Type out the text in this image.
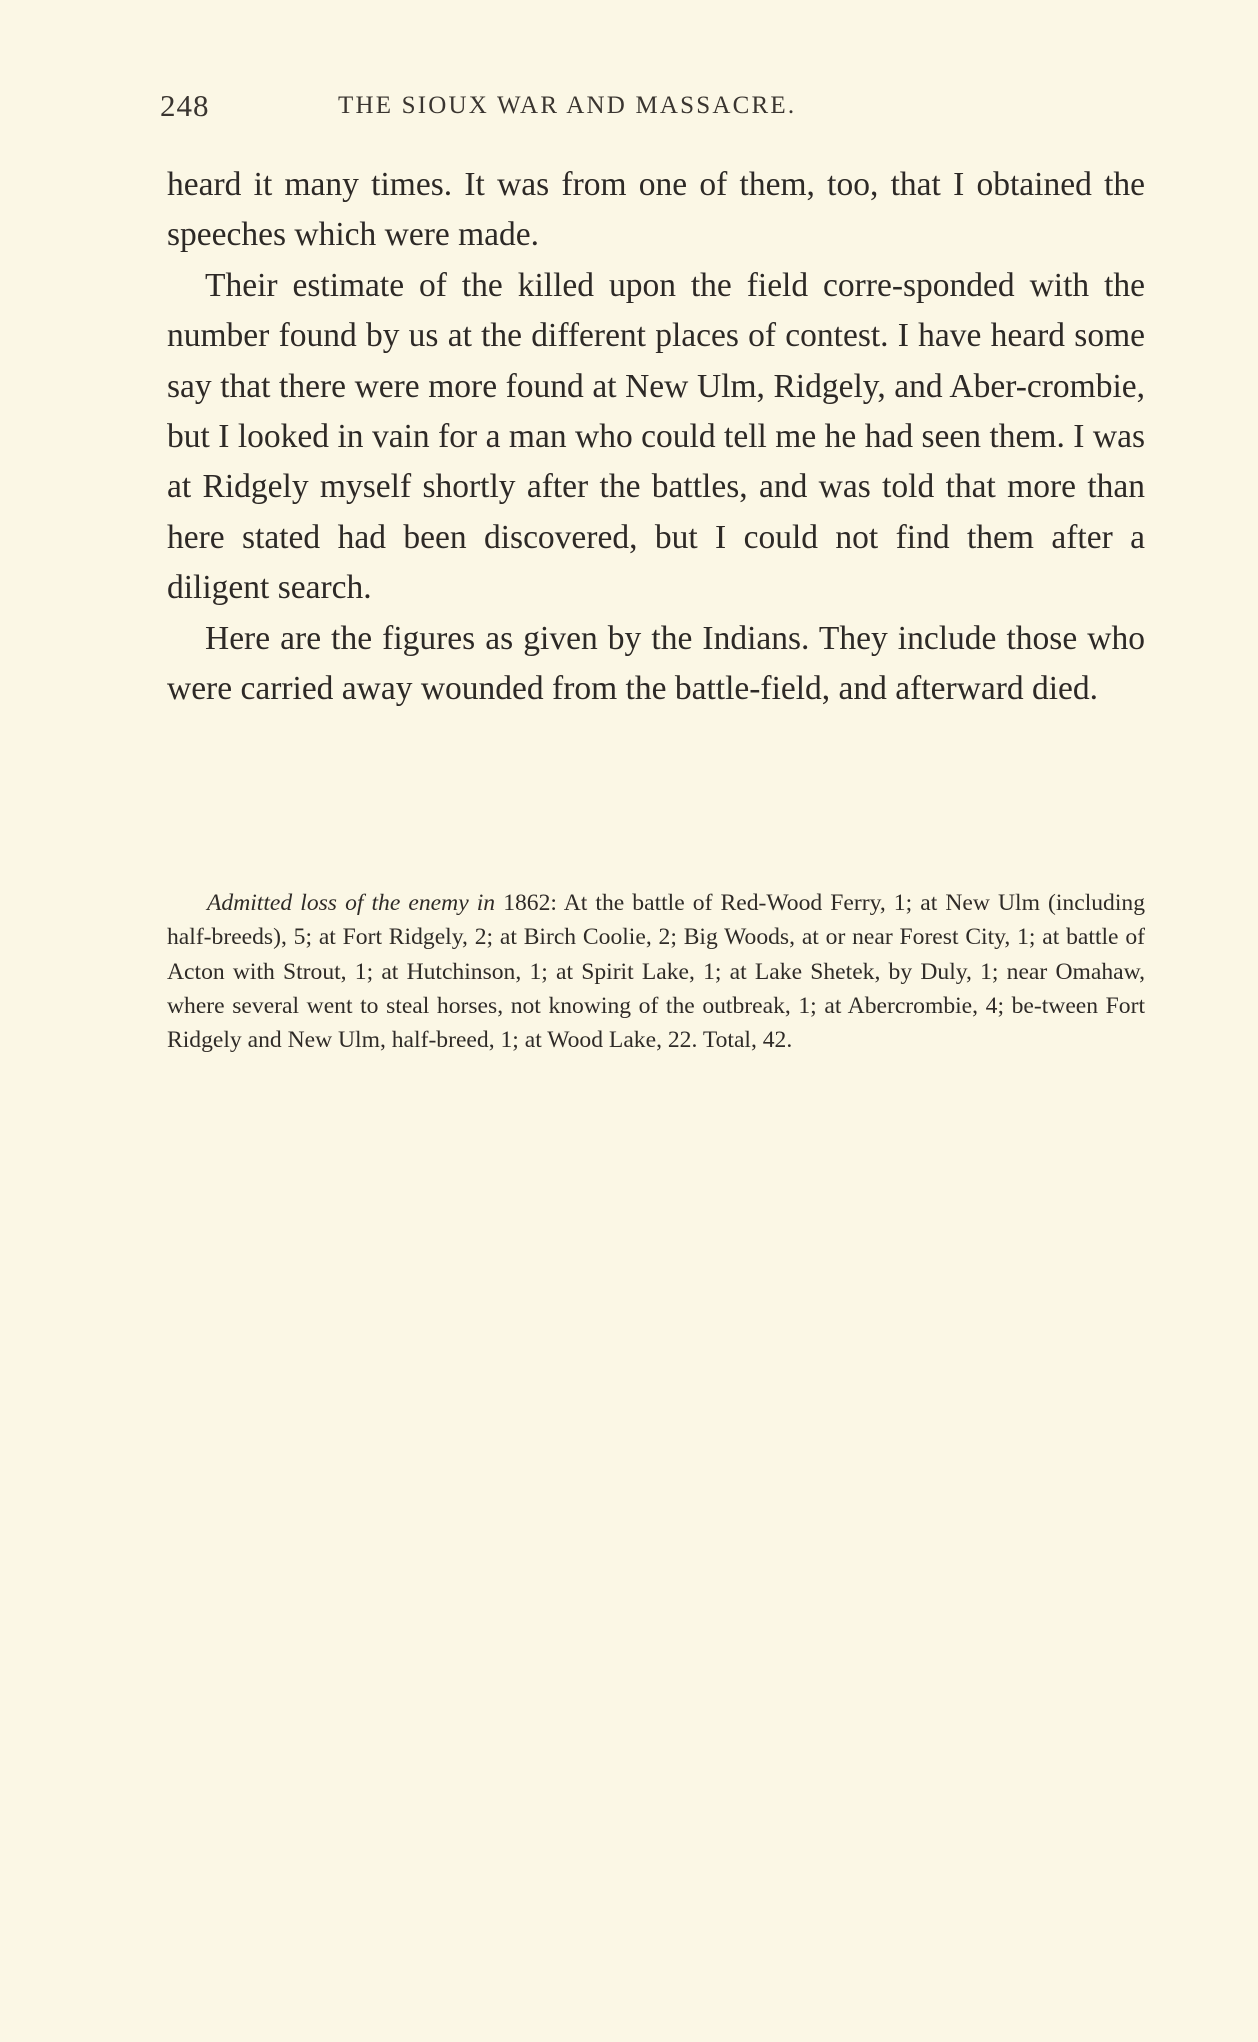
248	THE SIOUX WAR AND MASSACRE.

heard it many times. It was from one of them, too, that I obtained the speeches which were made.

Their estimate of the killed upon the field corre-sponded with the number found by us at the different places of contest. I have heard some say that there were more found at New Ulm, Ridgely, and Aber-crombie, but I looked in vain for a man who could tell me he had seen them. I was at Ridgely myself shortly after the battles, and was told that more than here stated had been discovered, but I could not find them after a diligent search.

Here are the figures as given by the Indians. They include those who were carried away wounded from the battle-field, and afterward died.

Admitted loss of the enemy in 1862: At the battle of Red-Wood Ferry, 1; at New Ulm (including half-breeds), 5; at Fort Ridgely, 2; at Birch Coolie, 2; Big Woods, at or near Forest City, 1; at battle of Acton with Strout, 1; at Hutchinson, 1; at Spirit Lake, 1; at Lake Shetek, by Duly, 1; near Omahaw, where several went to steal horses, not knowing of the outbreak, 1; at Abercrombie, 4; be-tween Fort Ridgely and New Ulm, half-breed, 1; at Wood Lake, 22. Total, 42.
